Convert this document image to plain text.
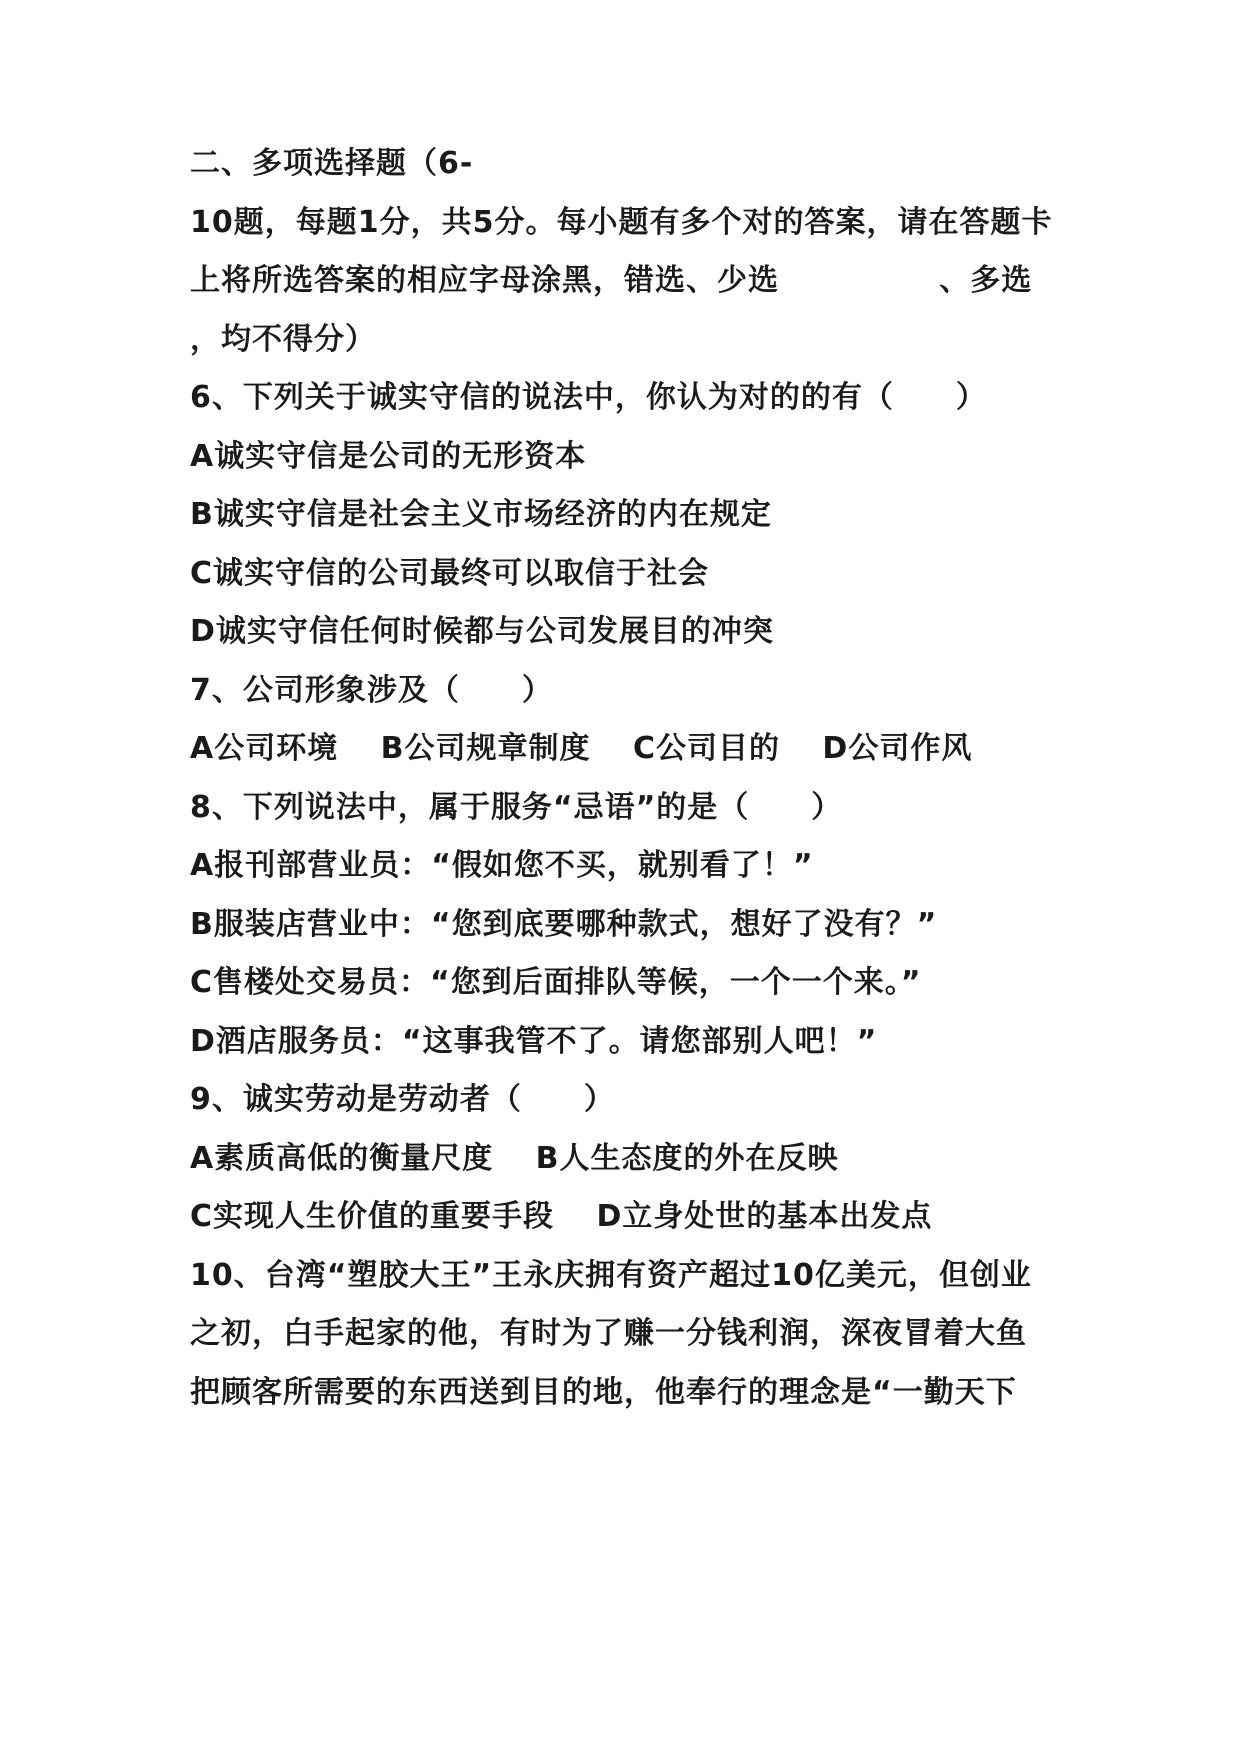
二、多项选择题（6-
10题，每题1分，共5分。每小题有多个对的答案，请在答题卡
上将所选答案的相应字母涂黑，错选、少选              、多选
，均不得分）
6、下列关于诚实守信的说法中，你认为对的的有（　　）
A诚实守信是公司的无形资本
B诚实守信是社会主义市场经济的内在规定
C诚实守信的公司最终可以取信于社会
D诚实守信任何时候都与公司发展目的冲突
7、公司形象涉及（　　）
A公司环境　 B公司规章制度　 C公司目的　 D公司作风
8、下列说法中，属于服务“忌语”的是（　　）
A报刊部营业员：“假如您不买，就别看了！”
B服装店营业中：“您到底要哪种款式，想好了没有？”
C售楼处交易员：“您到后面排队等候，一个一个来。”
D酒店服务员：“这事我管不了。请您部别人吧！”
9、诚实劳动是劳动者（　　）
A素质高低的衡量尺度　 B人生态度的外在反映
C实现人生价值的重要手段　 D立身处世的基本出发点
10、台湾“塑胶大王”王永庆拥有资产超过10亿美元，但创业
之初，白手起家的他，有时为了赚一分钱利润，深夜冒着大鱼
把顾客所需要的东西送到目的地，他奉行的理念是“一勤天下
